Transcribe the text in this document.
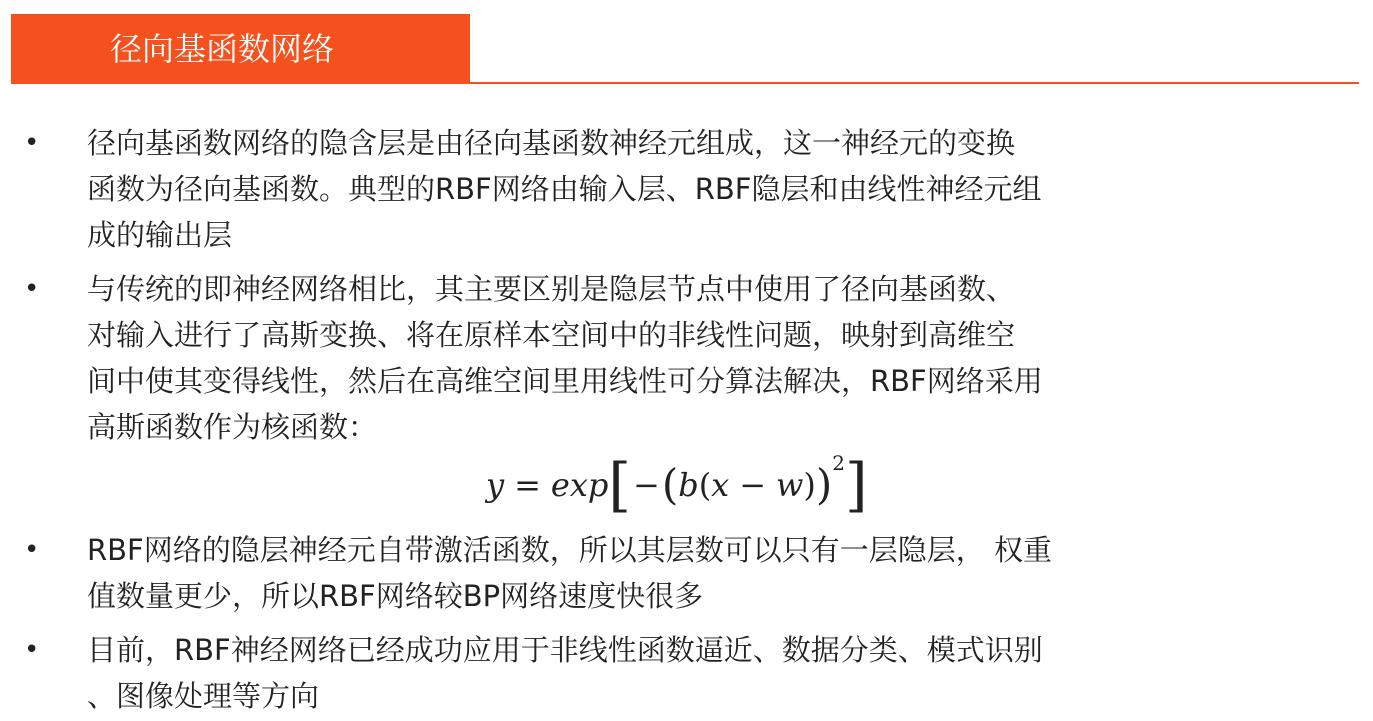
径向基函数网络
• 径向基函数网络的隐含层是由径向基函数神经元组成，这一神经元的变换
函数为径向基函数。典型的RBF网络由输入层、RBF隐层和由线性神经元组
成的输出层
• 与传统的即神经网络相比，其主要区别是隐层节点中使用了径向基函数、
对输入进行了高斯变换、将在原样本空间中的非线性问题，映射到高维空
间中使其变得线性，然后在高维空间里用线性可分算法解决，RBF网络采用
高斯函数作为核函数：
• RBF网络的隐层神经元自带激活函数，所以其层数可以只有一层隐层， 权重
值数量更少，所以RBF网络较BP网络速度快很多
• 目前，RBF神经网络已经成功应用于非线性函数逼近、数据分类、模式识别
、图像处理等方向
y = exp [ − ( b ( x − w ) ) 2 ]
